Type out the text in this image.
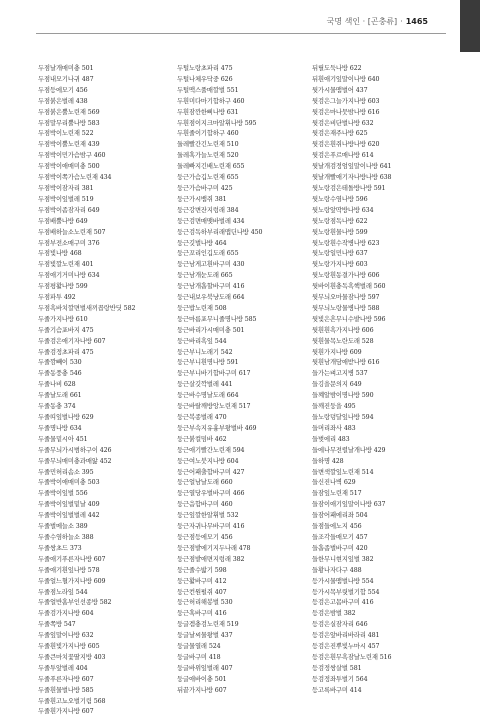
국명 색인 · [곤충류] · 1465
두점날개매미충 501
두점내모기나귀 487
두점등에모기 456
두점붉은벌레 438
두점붉은뿔노린재 569
두점말무리뿔나방 583
두점박이노린재 522
두점박이뿔노린재 439
두점박이민가슴밤구 460
두점박이애매미충 500
두점박이쪽가슴노린재 434
두점박이잠자리 381
두점박이잎벌레 519
두점박이좀잠자리 649
두점배뿔나방 649
두점배하늘소노린재 507
두점부전소매구미 376
두점빛나방 468
두점빛깔노린재 401
두점애기거미나방 634
두점평활나방 599
두점파투 492
두점흑바치깔면벌새끼꼽랑반딧 582
두줄가지나방 610
두줄기슴포바지 475
두줄검은애기자나방 607
두줄검정초파리 475
두줄깜빼이 530
두줄동풍충 546
두줄나비 628
두줄날도래 661
두줄동충 374
두줄띠잎벌나방 629
두줄명나방 634
두줄물밑시아 451
두줄무늬가시범하구이 426
두줄무늬매미충과매앓 452
두줄민허리솜소 395
두줄박이애매미충 503
두줄박이잎벌 556
두줄박이잎벌밑날 409
두줄박이잎벌벌레 442
두줄벌메늘소 389
두줄수염하늘소 388
두줄쌍초드 373
두줄애기푸른자나방 607
두줄애기흰잎나방 578
두줄얼느혈가지나방 609
두줄점노라잎 544
두줄얼반홈부인선종방 582
두줄검가지나방 604
두줄쪽방 547
두줄잎말이나방 632
두줄흰빛가지나방 605
두줄큰마치꽃딸지방 403
두줄투앞벌레 404
두줄푸른자나방 607
두줄흰물벌나방 585
두줄흰고뇨오벌기림 568
두줄흰가지나방 607
두털노랑초파리 475
두털나체우닥중 626
두털맥스풀매깔벌 551
두흰미다마기합하구 460
두흰잠깐한삐나방 631
두흰점이지크마알휘나방 595
두흰줄이기합하구 460
둘레빨간긴노린재 510
둘레혹가늘노린재 520
둘레빠지긴배노린재 655
둥근가슴깁노린재 655
둥근가슴바구미 425
둥근가시뱀쥐 381
둥근강변잔지렁래 384
둥근검면매맺바벌레 434
둥근검독하부리래맵딘나방 450
둥근깃벌나방 464
둥근꼬리인깁도래 655
둥근남게고흰바구미 430
둥근남개눈도래 665
둥근남개흡할바구미 416
둥근내보우북냥도래 664
둥근밥노린재 508
둥근마름포무니줄명나방 585
둥근바리가시매미충 501
둥근바리흑잎 544
둥근부니노래기 542
둥근부니흰명나방 591
둥근부니바기합바구미 617
둥근살깃깍벌레 441
둥근바수명날도래 664
둥근바랄깨방앙노린재 517
둥근복종벌래 470
둥근부속지유흉부왕벌바 469
둥근붉컬밈바 462
둥근애기빨간노린재 594
둥근여노붓지나방 604
둥근어패출합바구미 427
둥근얼남날도래 660
둥근열당우벌바구미 466
둥근음합바구미 460
둥근잎깔한알휘벌 532
둥근자귀나무바구미 416
둥근점등에모기 456
둥근점밭에기지두나래 478
둥근점밭애면지렁래 382
둥근줄수밟기 598
둥근활바구미 412
둥근컨원펄쥐 407
둥근허리해봉벌 530
둥근혹바구미 416
둥글겜충검노린재 519
둥글날씨물왕벌 437
둥글물열래 524
둥글바구미 418
둥글바위잎벌래 407
둥글애바이충 501
뒤끝가지나방 607
뒤릴도둑나방 622
뒤흰애기잎말이나방 640
뒷가시물맴벌어 437
뒷검은그늘가지나방 603
뒷검은마나뭇밤나방 616
뒷검은비단벌나방 632
뒷검은재주나방 625
뒷검은흰쥐나방나방 620
뒷검은푸르매나방 614
뒷날개검정엄잎말이나방 641
뒷날개빨애기자나방나방 638
뒷노랑검은테돌방나방 591
뒷노랑수염나방 596
뒷노랑앞딱방나방 634
뒷노랑점독나방 622
뒷노랑흰물나방 599
뒷노랑흰수작병나방 623
뒷노랑일민나방 637
뒷노랑가지나방 603
뒷노랑흰동결가나방 606
뒷바이흰충독흑핵벌래 560
뒷무늬오마물잠나방 597
뒷무늬노랑물병나방 588
뒷빛은흔무니수밭나방 596
뒷흰흰흑가지나방 606
뒷흰물목노란도래 528
뒷흰가지나방 609
뒷흰남개담애받나방 616
들가는벼고지병 537
들깅을문의지 649
들꼐알밤이명나방 590
들깨진둥을 495
들노랑덩달잎나방 594
들머리좌사 483
들벚에리 483
들에나무전렬날개나방 429
들하명 428
들변색깔잎노린재 514
들신진나벽 629
들잠잎노린재 517
들잠이애기잎말이나방 637
들잠어패에리좌 504
들점들에노지 456
들조각들매모기 457
들흡좁벌바구미 420
들한무니현지잎벌 382
들황나자다구 488
등가시물맴벌나방 554
등가시목부릿벌기합 554
등검은고몸바구미 416
등검은밤벌 382
등검은실잠자리 646
등검은앞바리바라리 481
등검은진뿌빛누마시 457
등검은흰무흑잠날노린재 516
등검정쌍살벌 581
등검정좌투벌기 564
등고록바구미 414
